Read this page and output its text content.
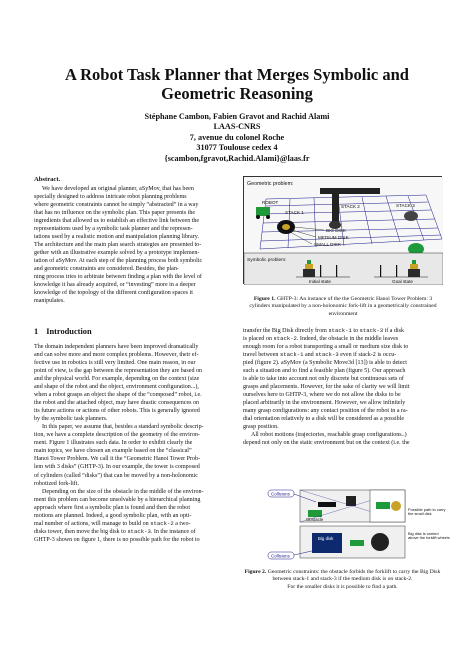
A Robot Task Planner that Merges Symbolic and
Geometric Reasoning
Stéphane Cambon, Fabien Gravot and Rachid Alami
LAAS-CNRS
7, avenue du colonel Roche
31077 Toulouse cedex 4
{scambon,fgravot,Rachid.Alami}@laas.fr
Abstract.
We have developed an original planner, aSyMov, that has been
specially designed to address intricate robot planning problems
where geometric constraints cannot be simply “abstracted” in a way
that has no influence on the symbolic plan. This paper presents the
ingredients that allowed us to establish an effective link between the
representations used by a symbolic task planner and the represen-
tations used by a realistic motion and manipulation planning library.
The architecture and the main plan search strategies are presented to-
gether with an illustrative example solved by a prototype implemen-
tation of aSyMov. At each step of the planning process both symbolic
and geometric constraints are considered. Besides, the plan-
ning process tries to arbitrate between finding a plan with the level of
knowledge it has already acquired, or “investing” more in a deeper
knowledge of the topology of the different configuration spaces it
manipulates.
1 Introduction
The domain independent planners have been improved dramatically
and can solve more and more complex problems. However, their ef-
fective use in robotics is still very limited. One main reason, in our
point of view, is the gap between the representation they are based on
and the physical world. For example, depending on the context (size
and shape of the robot and the object, environment configuration...),
when a robot grasps an object the shape of the “composed” robot, i.e.
the robot and the attached object, may have drastic consequences on
its future actions or actions of other robots. This is generally ignored
by the symbolic task planners.
In this paper, we assume that, besides a standard symbolic descrip-
tion, we have a complete description of the geometry of the environ-
ment. Figure 1 illustrates such data. In order to exhibit clearly the
main topics, we have chosen an example based on the “classical”
Hanoi Tower Problem. We call it the “Geometric Hanoi Tower Prob-
lem with 3 disks” (GHTP-3). In our example, the tower is composed
of cylinders (called “disks”) that can be moved by a non-holonomic
robotized fork-lift.
Depending on the size of the obstacle in the middle of the environ-
ment this problem can become unsolvable by a hierarchical planning
approach where first a symbolic plan is found and then the robot
motions are planned. Indeed, a good symbolic plan, with an opti-
mal number of actions, will manage to build on stack-2 a two-
disks tower, then move the big disk to stack-3. In the instance of
GHTP-3 shown on figure 1, there is no possible path for the robot to
Geometric problem:
ROBOT
STACK 1
STACK 2	STACK 3
BIG DISK
MEDIUM DISK
SMALL DISK
Symbolic problem:
Initial state	Goal state
Figure 1. GHTP-3: An instance of the the Geometric Hanoi Tower Problem: 3 cylinders manipulated by a non-holonomic fork-lift in a geometrically constrained environment
transfer the Big Disk directly from stack-1 to stack-3 if a disk
is placed on stack-2. Indeed, the obstacle in the middle leaves
enough room for a robot transporting a small or medium size disk to
travel between stack-1 and stack-3 even if stack-2 is occu-
pied (figure 2). aSyMov (a Symbolic Move3d [13]) is able to detect
such a situation and to find a feasible plan (figure 5). Our approach
is able to take into account not only discrete but continuous sets of
grasps and placements. However, for the sake of clarity we will limit
ourselves here to GHTP-3, where we do not allow the disks to be
placed arbitrarily in the environment. However, we allow infinitely
many grasp configurations: any contact position of the robot in a ra-
dial orientation relatively to a disk will be considered as a possible
grasp position.
All robot motions (trajectories, reachable grasp configurations..)
depend not only on the static environment but on the context (i.e. the
Collisions
Obstacle
Big disk
Collisions
Possible path to carry the small disk
Big disk is carried above the forklift wheels
Figure 2. Geometric constraints: the obstacle forbids the forklift to carry the Big Disk between stack-1 and stack-3 if the medium disk is on stack-2.
For the smaller disks it is possible to find a path.
